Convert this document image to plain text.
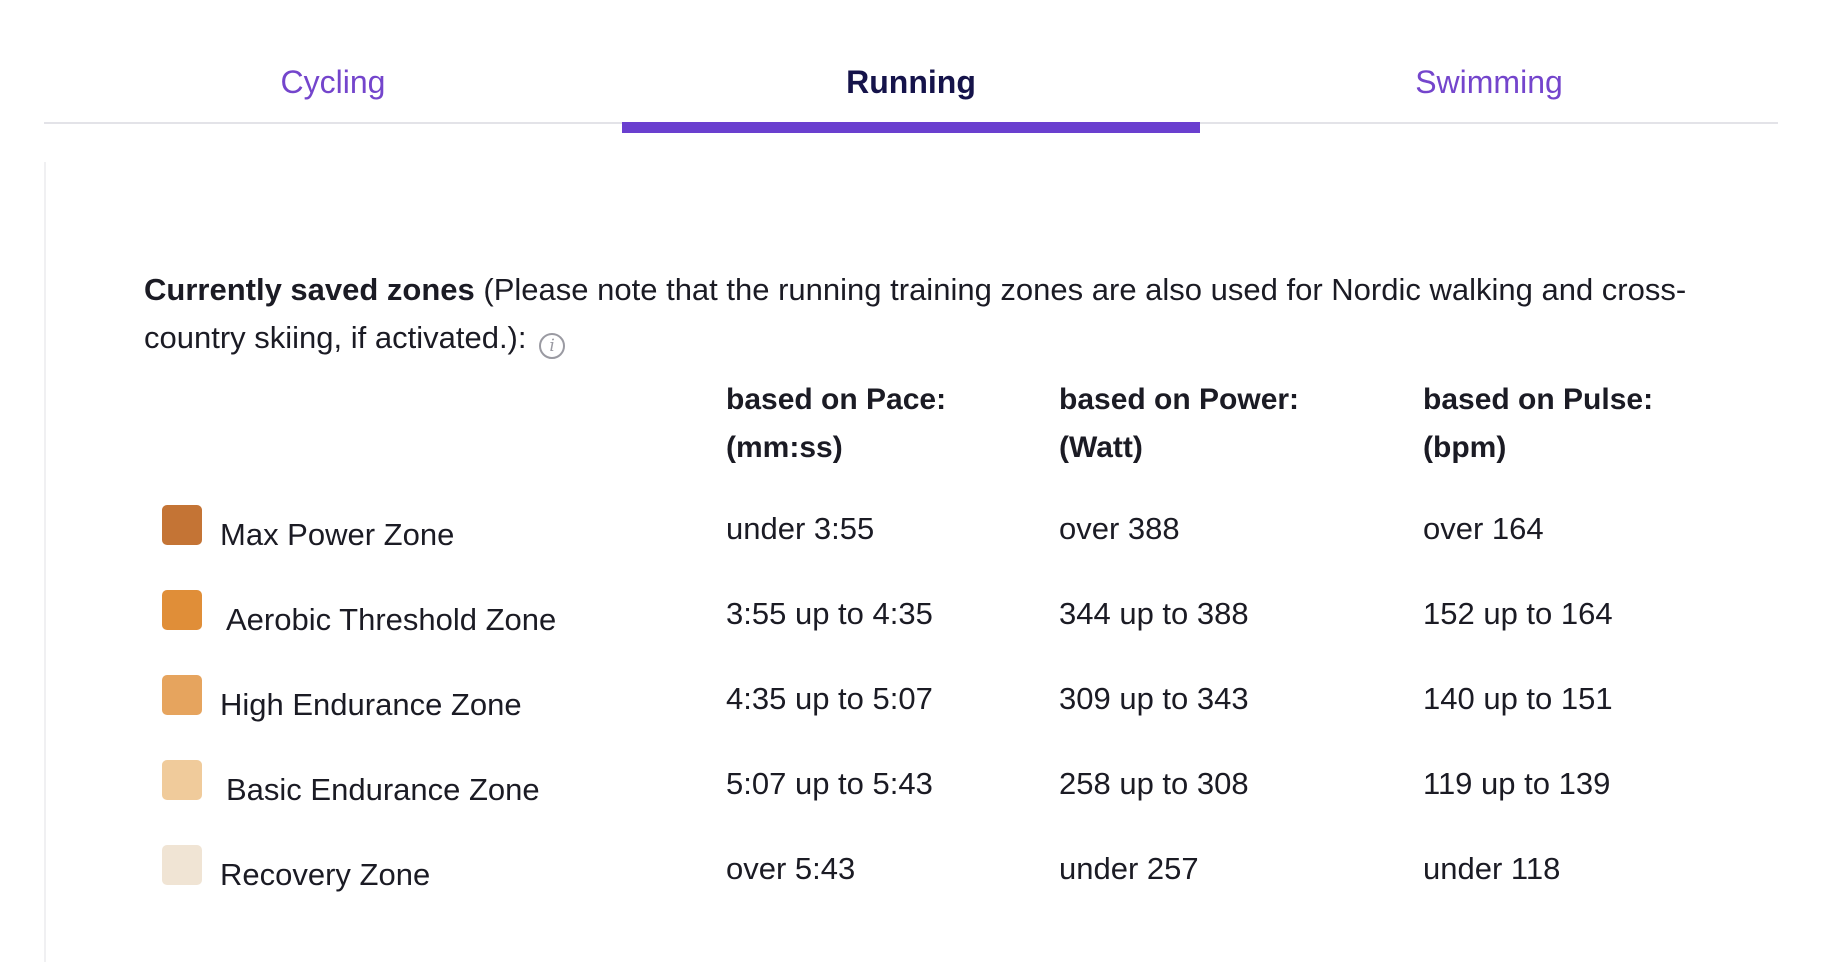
Cycling	Running	Swimming
Currently saved zones (Please note that the running training zones are also used for Nordic walking and cross-country skiing, if activated.): i
based on Pace:
(mm:ss)
based on Power:
(Watt)
based on Pulse:
(bpm)
Max Power Zone	under 3:55	over 388	over 164
Aerobic Threshold Zone	3:55 up to 4:35	344 up to 388	152 up to 164
High Endurance Zone	4:35 up to 5:07	309 up to 343	140 up to 151
Basic Endurance Zone	5:07 up to 5:43	258 up to 308	119 up to 139
Recovery Zone	over 5:43	under 257	under 118
